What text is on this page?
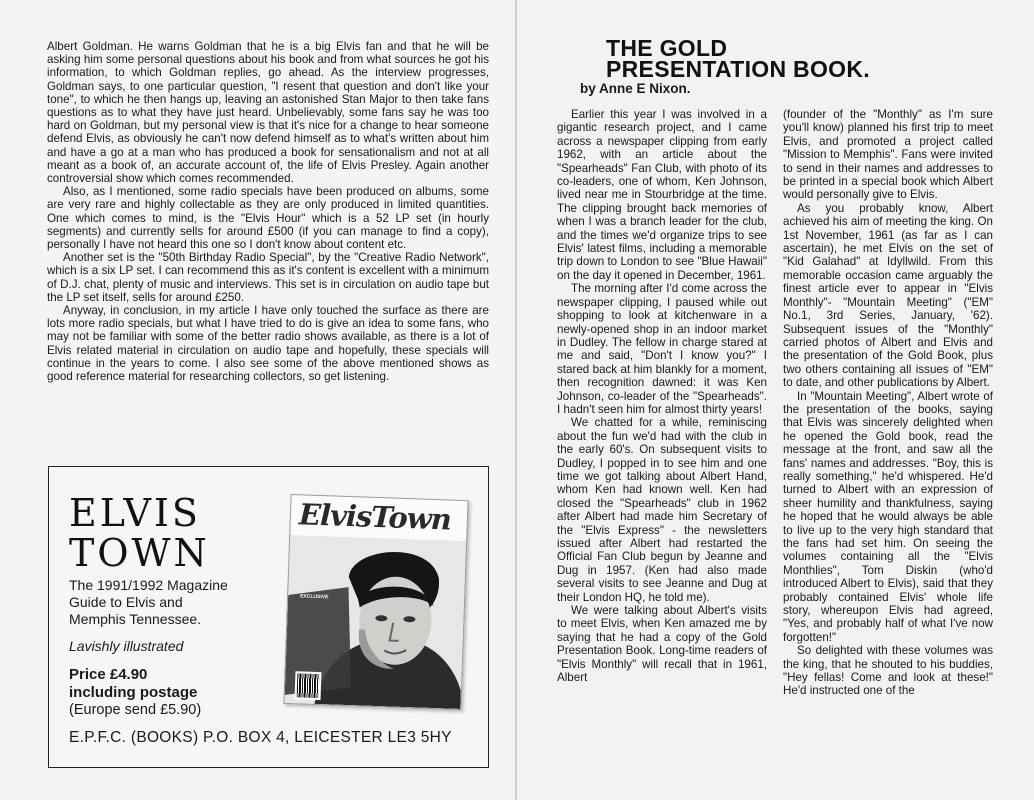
Albert Goldman. He warns Goldman that he is a big Elvis fan and that he will be asking him some personal questions about his book and from what sources he got his information, to which Goldman replies, go ahead. As the interview progresses, Goldman says, to one particular question, "I resent that question and don't like your tone", to which he then hangs up, leaving an astonished Stan Major to then take fans questions as to what they have just heard. Unbelievably, some fans say he was too hard on Goldman, but my personal view is that it's nice for a change to hear someone defend Elvis, as obviously he can't now defend himself as to what's written about him and have a go at a man who has produced a book for sensationalism and not at all meant as a book of, an accurate account of, the life of Elvis Presley. Again another controversial show which comes recommended.

Also, as I mentioned, some radio specials have been produced on albums, some are very rare and highly collectable as they are only produced in limited quantities. One which comes to mind, is the "Elvis Hour" which is a 52 LP set (in hourly segments) and currently sells for around £500 (if you can manage to find a copy), personally I have not heard this one so I don't know about content etc.

Another set is the "50th Birthday Radio Special", by the "Creative Radio Network", which is a six LP set. I can recommend this as it's content is excellent with a minimum of D.J. chat, plenty of music and interviews. This set is in circulation on audio tape but the LP set itself, sells for around £250.

Anyway, in conclusion, in my article I have only touched the surface as there are lots more radio specials, but what I have tried to do is give an idea to some fans, who may not be familiar with some of the better radio shows available, as there is a lot of Elvis related material in circulation on audio tape and hopefully, these specials will continue in the years to come. I also see some of the above mentioned shows as good reference material for researching collectors, so get listening.

ELVIS
TOWN
The 1991/1992 Magazine
Guide to Elvis and
Memphis Tennessee.
Lavishly illustrated
Price £4.90
including postage
(Europe send £5.90)
E.P.F.C. (BOOKS) P.O. BOX 4, LEICESTER LE3 5HY
ElvisTown
EXCLUSIVE
THE GOLD
PRESENTATION BOOK.
by Anne E Nixon.

Earlier this year I was involved in a gigantic research project, and I came across a newspaper clipping from early 1962, with an article about the "Spearheads" Fan Club, with photo of its co-leaders, one of whom, Ken Johnson, lived near me in Stourbridge at the time. The clipping brought back memories of when I was a branch leader for the club, and the times we'd organize trips to see Elvis' latest films, including a memorable trip down to London to see "Blue Hawaii" on the day it opened in December, 1961.

The morning after I'd come across the newspaper clipping, I paused while out shopping to look at kitchenware in a newly-opened shop in an indoor market in Dudley. The fellow in charge stared at me and said, "Don't I know you?" I stared back at him blankly for a moment, then recognition dawned: it was Ken Johnson, co-leader of the "Spearheads". I hadn't seen him for almost thirty years!

We chatted for a while, reminiscing about the fun we'd had with the club in the early 60's. On subsequent visits to Dudley, I popped in to see him and one time we got talking about Albert Hand, whom Ken had known well. Ken had closed the "Spearheads" club in 1962 after Albert had made him Secretary of the "Elvis Express" - the newsletters issued after Albert had restarted the Official Fan Club begun by Jeanne and Dug in 1957. (Ken had also made several visits to see Jeanne and Dug at their London HQ, he told me).

We were talking about Albert's visits to meet Elvis, when Ken amazed me by saying that he had a copy of the Gold Presentation Book. Long-time readers of "Elvis Monthly" will recall that in 1961, Albert

(founder of the "Monthly" as I'm sure you'll know) planned his first trip to meet Elvis, and promoted a project called "Mission to Memphis". Fans were invited to send in their names and addresses to be printed in a special book which Albert would personally give to Elvis.

As you probably know, Albert achieved his aim of meeting the king. On 1st November, 1961 (as far as I can ascertain), he met Elvis on the set of "Kid Galahad" at Idyllwild. From this memorable occasion came arguably the finest article ever to appear in "Elvis Monthly"- "Mountain Meeting" ("EM" No.1, 3rd Series, January, '62). Subsequent issues of the "Monthly" carried photos of Albert and Elvis and the presentation of the Gold Book, plus two others containing all issues of "EM" to date, and other publications by Albert.

In "Mountain Meeting", Albert wrote of the presentation of the books, saying that Elvis was sincerely delighted when he opened the Gold book, read the message at the front, and saw all the fans' names and addresses. "Boy, this is really something," he'd whispered. He'd turned to Albert with an expression of sheer humility and thankfulness, saying he hoped that he would always be able to live up to the very high standard that the fans had set him. On seeing the volumes containing all the "Elvis Monthlies", Tom Diskin (who'd introduced Albert to Elvis), said that they probably contained Elvis' whole life story, whereupon Elvis had agreed, "Yes, and probably half of what I've now forgotten!"

So delighted with these volumes was the king, that he shouted to his buddies, "Hey fellas! Come and look at these!" He'd instructed one of the
